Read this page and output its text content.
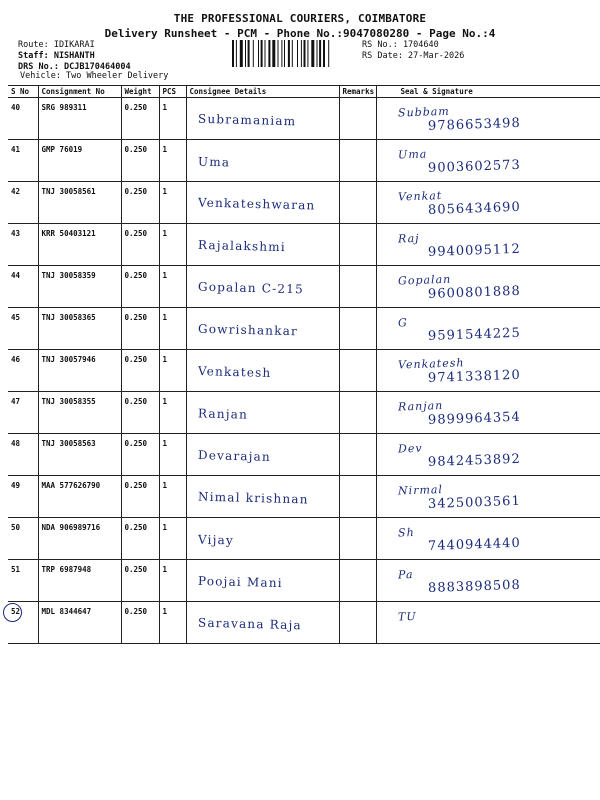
THE PROFESSIONAL COURIERS, COIMBATORE
Delivery Runsheet - PCM - Phone No.:9047080280 - Page No.:4
Route: IDIKARAI
Staff: NISHANTH
DRS No.: DCJB170464004
Vehicle: Two Wheeler Delivery
RS No.: 1704640
RS Date: 27-Mar-2026
S No	Consignment No	Weight	PCS	Consignee Details	Remarks	Seal & Signature
40	SRG 989311	0.250	1	Subramaniam		Subbam
9786653498

41	GMP 76019	0.250	1	Uma		Uma
9003602573

42	TNJ 30058561	0.250	1	Venkateshwaran		Venkat
8056434690

43	KRR 50403121	0.250	1	Rajalakshmi		Raj
9940095112

44	TNJ 30058359	0.250	1	Gopalan C-215		Gopalan
9600801888

45	TNJ 30058365	0.250	1	Gowrishankar		G
9591544225

46	TNJ 30057946	0.250	1	Venkatesh		Venkatesh
9741338120

47	TNJ 30058355	0.250	1	Ranjan		Ranjan
9899964354

48	TNJ 30058563	0.250	1	Devarajan		Dev
9842453892

49	MAA 577626790	0.250	1	Nimal krishnan		Nirmal
3425003561

50	NDA 906989716	0.250	1	Vijay		Sh
7440944440

51	TRP 6987948	0.250	1	Poojai Mani		Pa
8883898508

52	MDL 8344647	0.250	1	Saravana Raja		TU
